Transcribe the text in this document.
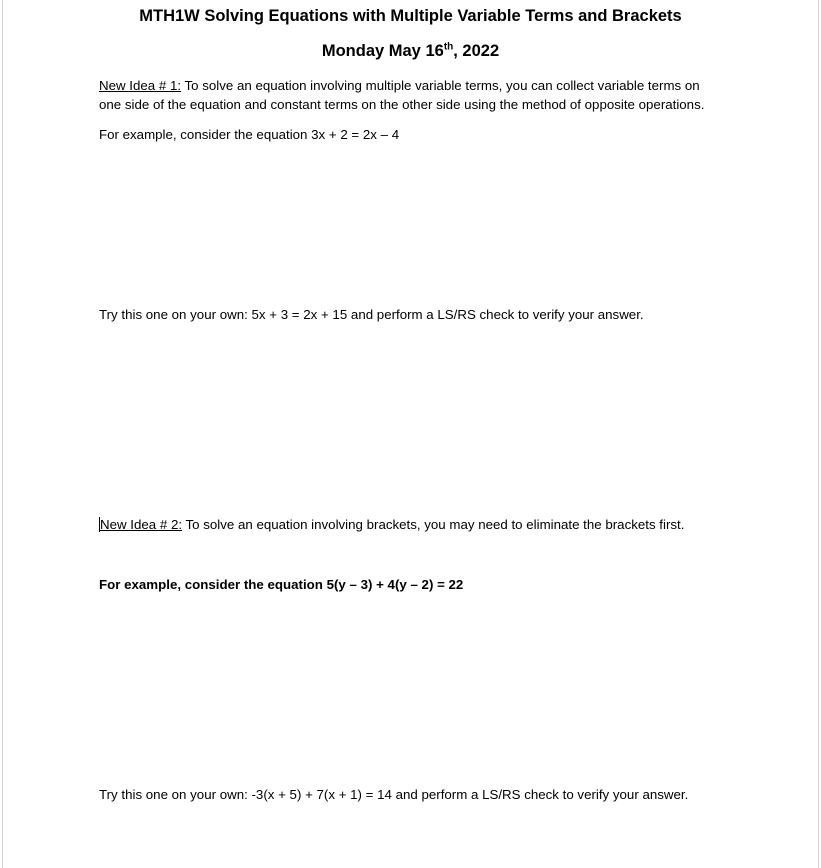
MTH1W Solving Equations with Multiple Variable Terms and Brackets
Monday May 16th, 2022
New Idea # 1: To solve an equation involving multiple variable terms, you can collect variable terms on
one side of the equation and constant terms on the other side using the method of opposite operations.
For example, consider the equation 3x + 2 = 2x – 4
Try this one on your own: 5x + 3 = 2x + 15 and perform a LS/RS check to verify your answer.
New Idea # 2: To solve an equation involving brackets, you may need to eliminate the brackets first.
For example, consider the equation 5(y – 3) + 4(y – 2) = 22
Try this one on your own: -3(x + 5) + 7(x + 1) = 14 and perform a LS/RS check to verify your answer.
